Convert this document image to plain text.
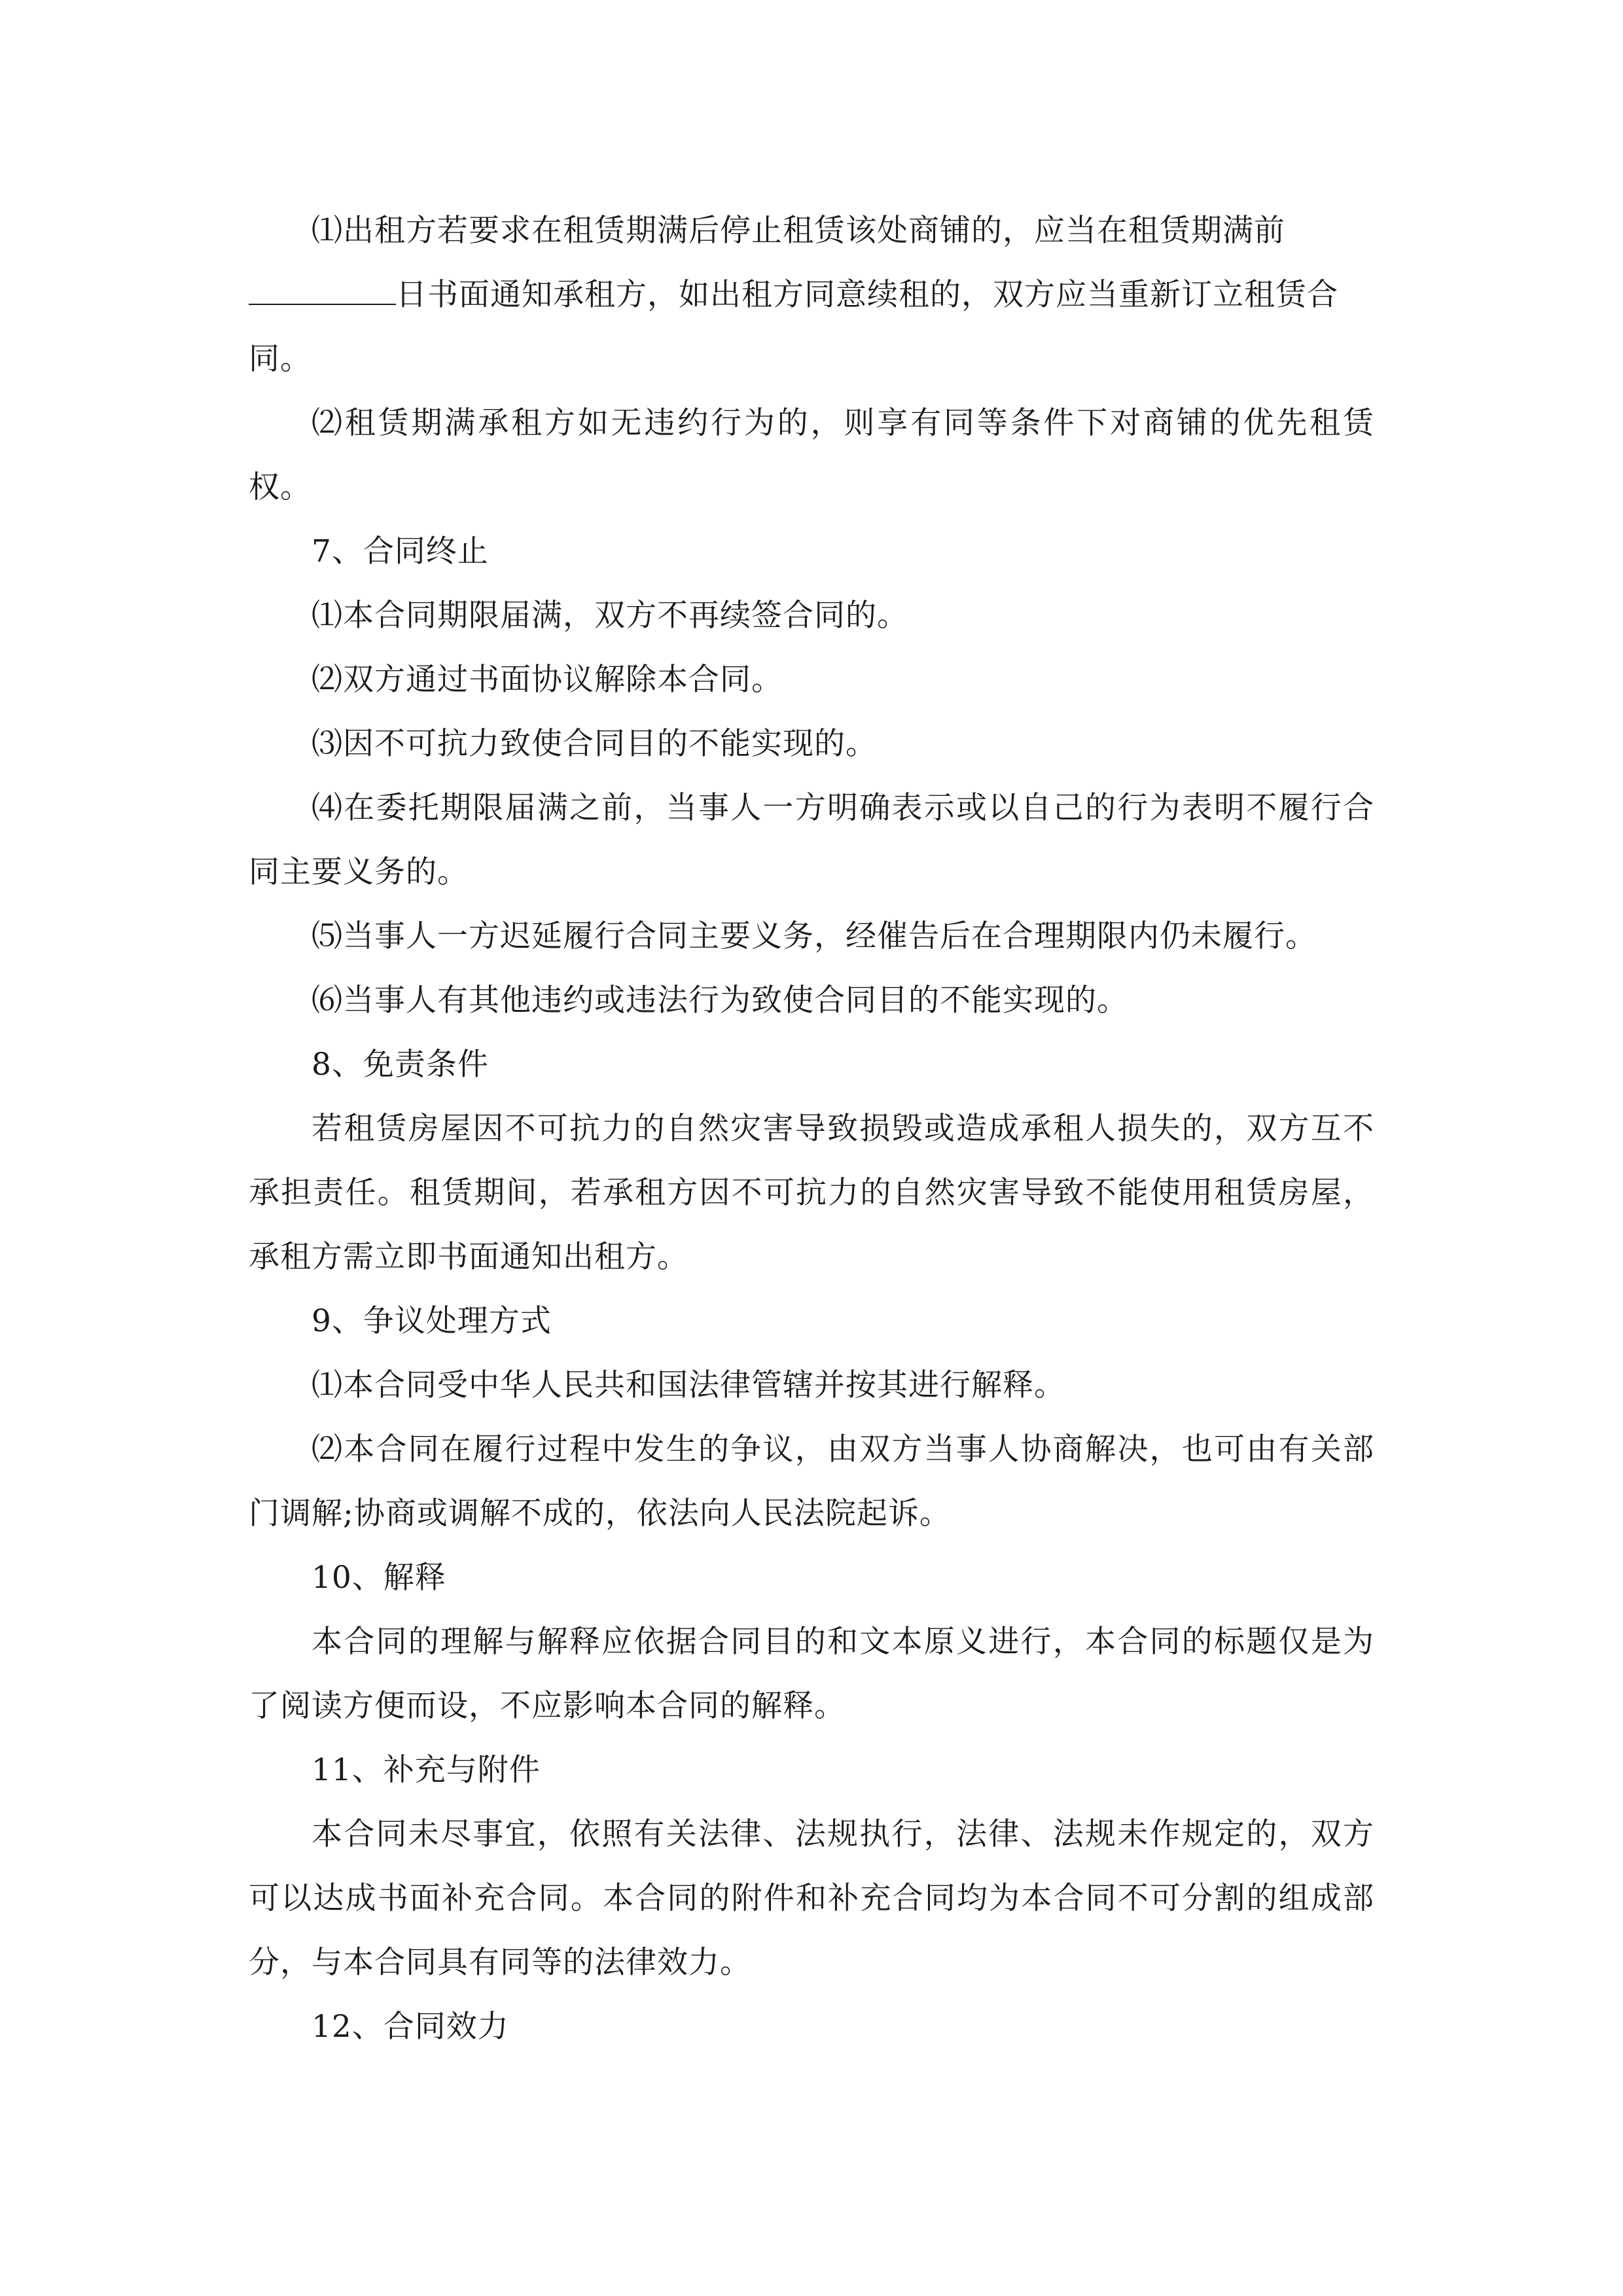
⑴出租方若要求在租赁期满后停止租赁该处商铺的，应当在租赁期满前

日书面通知承租方，如出租方同意续租的，双方应当重新订立租赁合

同。

⑵租赁期满承租方如无违约行为的，则享有同等条件下对商铺的优先租赁权。

7、合同终止

⑴本合同期限届满，双方不再续签合同的。

⑵双方通过书面协议解除本合同。

⑶因不可抗力致使合同目的不能实现的。

⑷在委托期限届满之前，当事人一方明确表示或以自己的行为表明不履行合同主要义务的。

⑸当事人一方迟延履行合同主要义务，经催告后在合理期限内仍未履行。

⑹当事人有其他违约或违法行为致使合同目的不能实现的。

8、免责条件

若租赁房屋因不可抗力的自然灾害导致损毁或造成承租人损失的，双方互不承担责任。租赁期间，若承租方因不可抗力的自然灾害导致不能使用租赁房屋，承租方需立即书面通知出租方。

9、争议处理方式

⑴本合同受中华人民共和国法律管辖并按其进行解释。

⑵本合同在履行过程中发生的争议，由双方当事人协商解决，也可由有关部门调解;协商或调解不成的，依法向人民法院起诉。

10、解释

本合同的理解与解释应依据合同目的和文本原义进行，本合同的标题仅是为了阅读方便而设，不应影响本合同的解释。

11、补充与附件

本合同未尽事宜，依照有关法律、法规执行，法律、法规未作规定的，双方可以达成书面补充合同。本合同的附件和补充合同均为本合同不可分割的组成部分，与本合同具有同等的法律效力。

12、合同效力
